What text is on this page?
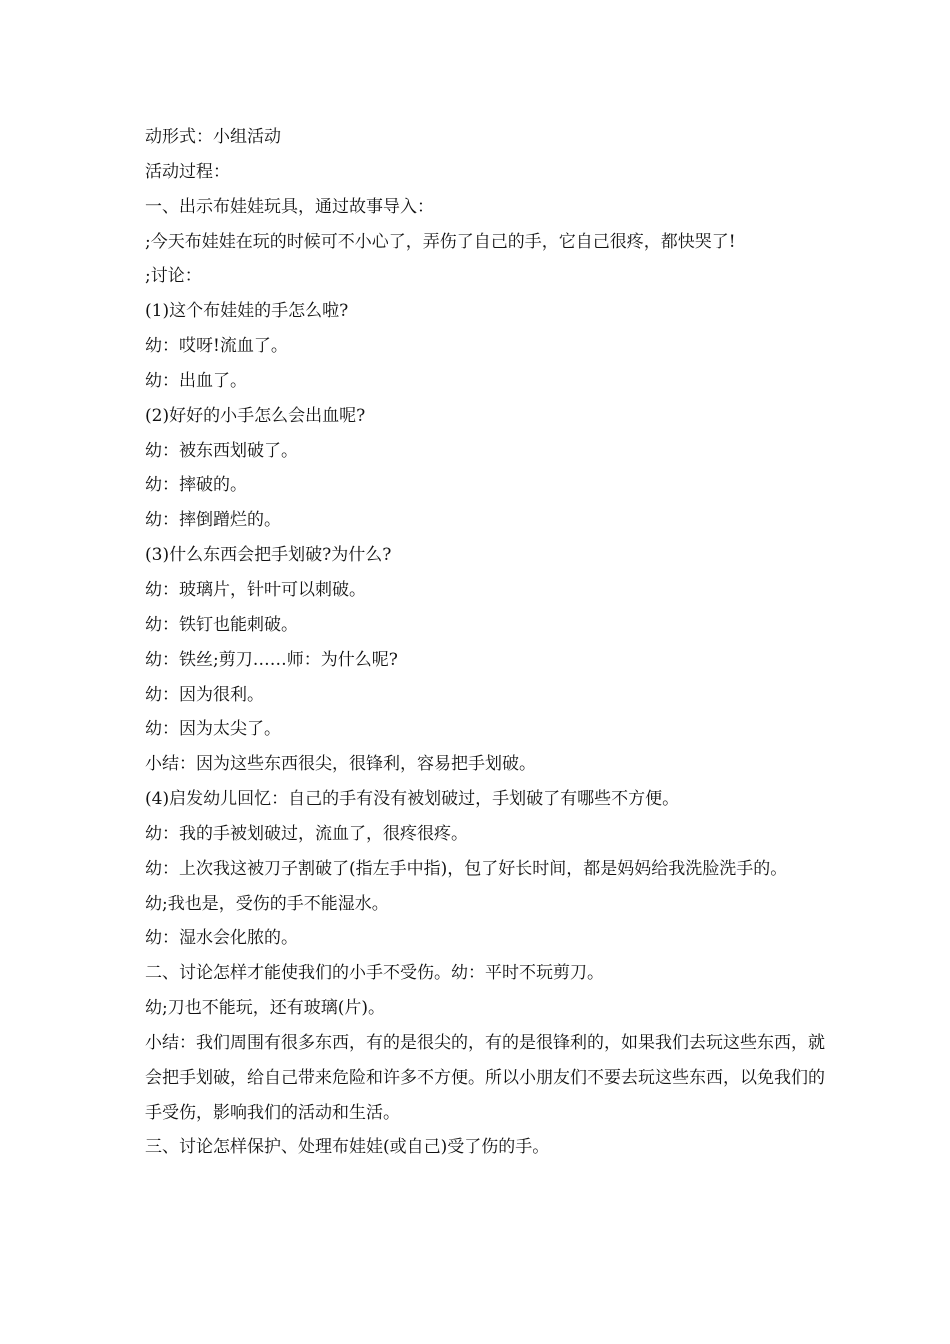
动形式：小组活动
活动过程：
一、出示布娃娃玩具，通过故事导入：
;今天布娃娃在玩的时候可不小心了，弄伤了自己的手，它自己很疼，都快哭了!
;讨论：
(1)这个布娃娃的手怎么啦?
幼：哎呀!流血了。
幼：出血了。
(2)好好的小手怎么会出血呢?
幼：被东西划破了。
幼：摔破的。
幼：摔倒蹭烂的。
(3)什么东西会把手划破?为什么?
幼：玻璃片，针叶可以刺破。
幼：铁钉也能刺破。
幼：铁丝;剪刀……师：为什么呢?
幼：因为很利。
幼：因为太尖了。
小结：因为这些东西很尖，很锋利，容易把手划破。
(4)启发幼儿回忆：自己的手有没有被划破过，手划破了有哪些不方便。
幼：我的手被划破过，流血了，很疼很疼。
幼：上次我这被刀子割破了(指左手中指)，包了好长时间，都是妈妈给我洗脸洗手的。
幼;我也是，受伤的手不能湿水。
幼：湿水会化脓的。
二、讨论怎样才能使我们的小手不受伤。幼：平时不玩剪刀。
幼;刀也不能玩，还有玻璃(片)。
小结：我们周围有很多东西，有的是很尖的，有的是很锋利的，如果我们去玩这些东西，就会把手划破，给自己带来危险和许多不方便。所以小朋友们不要去玩这些东西，以免我们的手受伤，影响我们的活动和生活。
三、讨论怎样保护、处理布娃娃(或自己)受了伤的手。
